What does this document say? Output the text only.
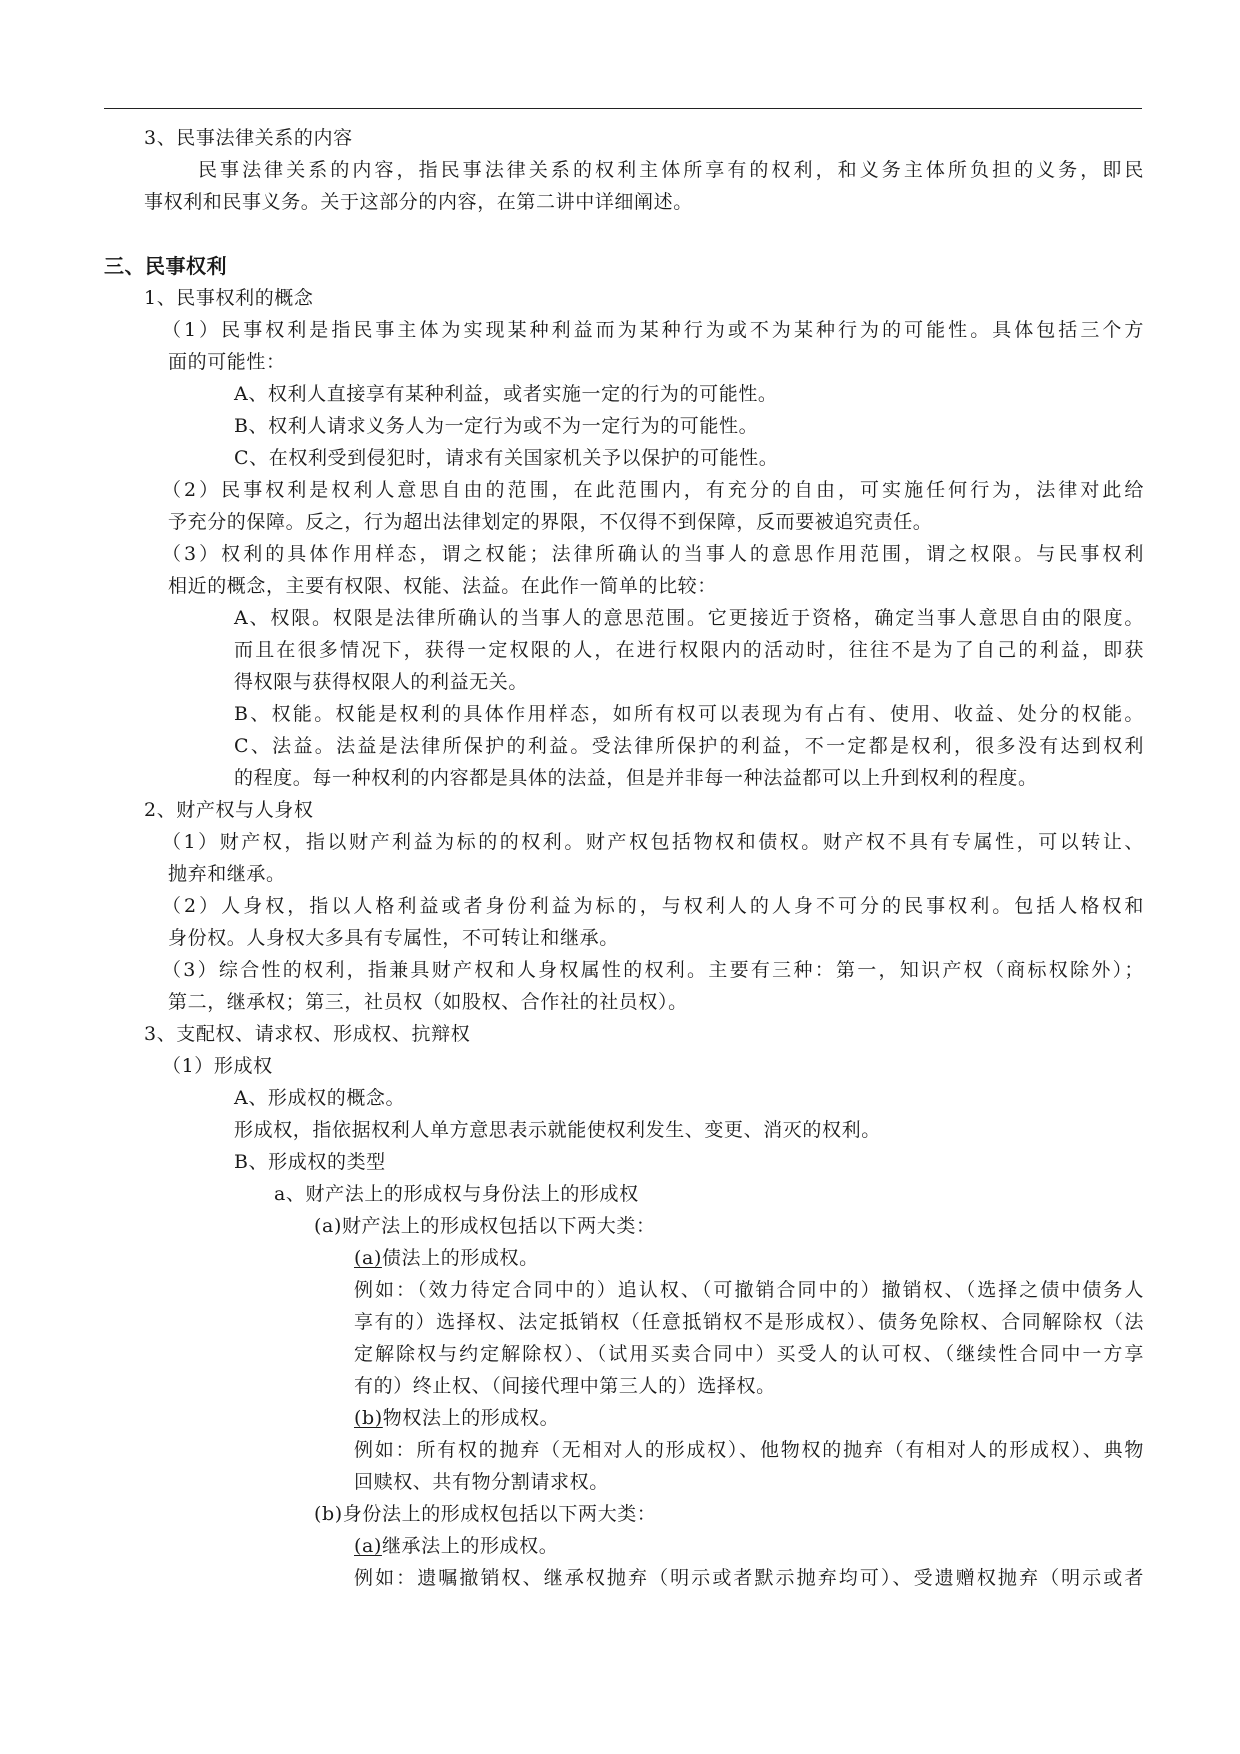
3、民事法律关系的内容
民事法律关系的内容，指民事法律关系的权利主体所享有的权利，和义务主体所负担的义务，即民
事权利和民事义务。关于这部分的内容，在第二讲中详细阐述。
三、民事权利
1、民事权利的概念
（1）民事权利是指民事主体为实现某种利益而为某种行为或不为某种行为的可能性。具体包括三个方
面的可能性：
A、权利人直接享有某种利益，或者实施一定的行为的可能性。
B、权利人请求义务人为一定行为或不为一定行为的可能性。
C、在权利受到侵犯时，请求有关国家机关予以保护的可能性。
（2）民事权利是权利人意思自由的范围，在此范围内，有充分的自由，可实施任何行为，法律对此给
予充分的保障。反之，行为超出法律划定的界限，不仅得不到保障，反而要被追究责任。
（3）权利的具体作用样态，谓之权能；法律所确认的当事人的意思作用范围，谓之权限。与民事权利
相近的概念，主要有权限、权能、法益。在此作一简单的比较：
A、权限。权限是法律所确认的当事人的意思范围。它更接近于资格，确定当事人意思自由的限度。
而且在很多情况下，获得一定权限的人，在进行权限内的活动时，往往不是为了自己的利益，即获
得权限与获得权限人的利益无关。
B、权能。权能是权利的具体作用样态，如所有权可以表现为有占有、使用、收益、处分的权能。
C、法益。法益是法律所保护的利益。受法律所保护的利益，不一定都是权利，很多没有达到权利
的程度。每一种权利的内容都是具体的法益，但是并非每一种法益都可以上升到权利的程度。
2、财产权与人身权
（1）财产权，指以财产利益为标的的权利。财产权包括物权和债权。财产权不具有专属性，可以转让、
抛弃和继承。
（2）人身权，指以人格利益或者身份利益为标的，与权利人的人身不可分的民事权利。包括人格权和
身份权。人身权大多具有专属性，不可转让和继承。
（3）综合性的权利，指兼具财产权和人身权属性的权利。主要有三种：第一，知识产权（商标权除外）；
第二，继承权；第三，社员权（如股权、合作社的社员权）。
3、支配权、请求权、形成权、抗辩权
（1）形成权
A、形成权的概念。
形成权，指依据权利人单方意思表示就能使权利发生、变更、消灭的权利。
B、形成权的类型
a、财产法上的形成权与身份法上的形成权
(a)财产法上的形成权包括以下两大类：
(a)债法上的形成权。
例如：（效力待定合同中的）追认权、（可撤销合同中的）撤销权、（选择之债中债务人
享有的）选择权、法定抵销权（任意抵销权不是形成权）、债务免除权、合同解除权（法
定解除权与约定解除权）、（试用买卖合同中）买受人的认可权、（继续性合同中一方享
有的）终止权、（间接代理中第三人的）选择权。
(b)物权法上的形成权。
例如：所有权的抛弃（无相对人的形成权）、他物权的抛弃（有相对人的形成权）、典物
回赎权、共有物分割请求权。
(b)身份法上的形成权包括以下两大类：
(a)继承法上的形成权。
例如：遗嘱撤销权、继承权抛弃（明示或者默示抛弃均可）、受遗赠权抛弃（明示或者
